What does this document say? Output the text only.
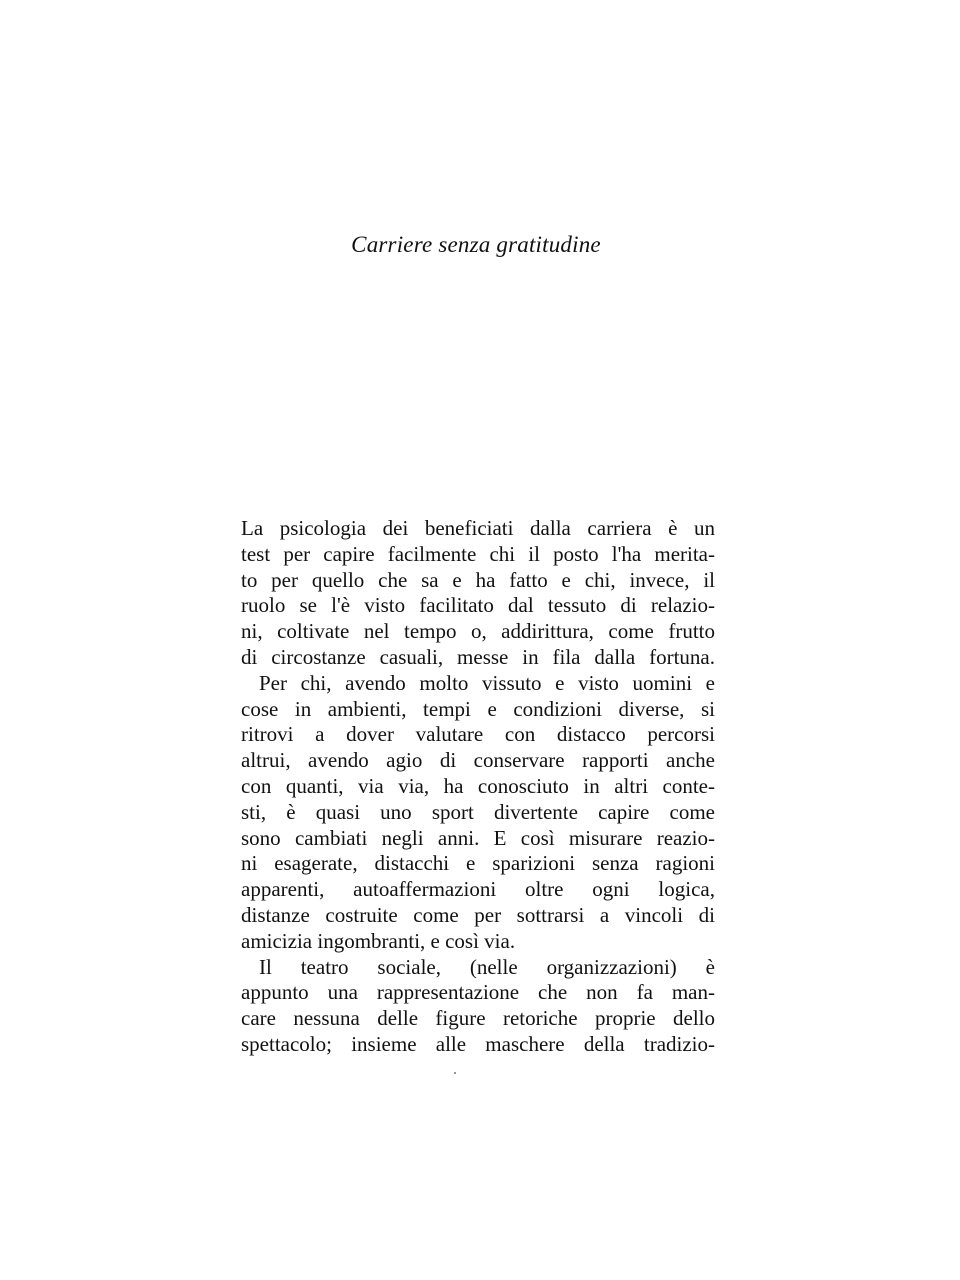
Carriere senza gratitudine
La psicologia dei beneficiati dalla carriera è un
test per capire facilmente chi il posto l'ha merita-
to per quello che sa e ha fatto e chi, invece, il
ruolo se l'è visto facilitato dal tessuto di relazio-
ni, coltivate nel tempo o, addirittura, come frutto
di circostanze casuali, messe in fila dalla fortuna.
Per chi, avendo molto vissuto e visto uomini e
cose in ambienti, tempi e condizioni diverse, si
ritrovi a dover valutare con distacco percorsi
altrui, avendo agio di conservare rapporti anche
con quanti, via via, ha conosciuto in altri conte-
sti, è quasi uno sport divertente capire come
sono cambiati negli anni. E così misurare reazio-
ni esagerate, distacchi e sparizioni senza ragioni
apparenti, autoaffermazioni oltre ogni logica,
distanze costruite come per sottrarsi a vincoli di
amicizia ingombranti, e così via.
Il teatro sociale, (nelle organizzazioni) è
appunto una rappresentazione che non fa man-
care nessuna delle figure retoriche proprie dello
spettacolo; insieme alle maschere della tradizio-
